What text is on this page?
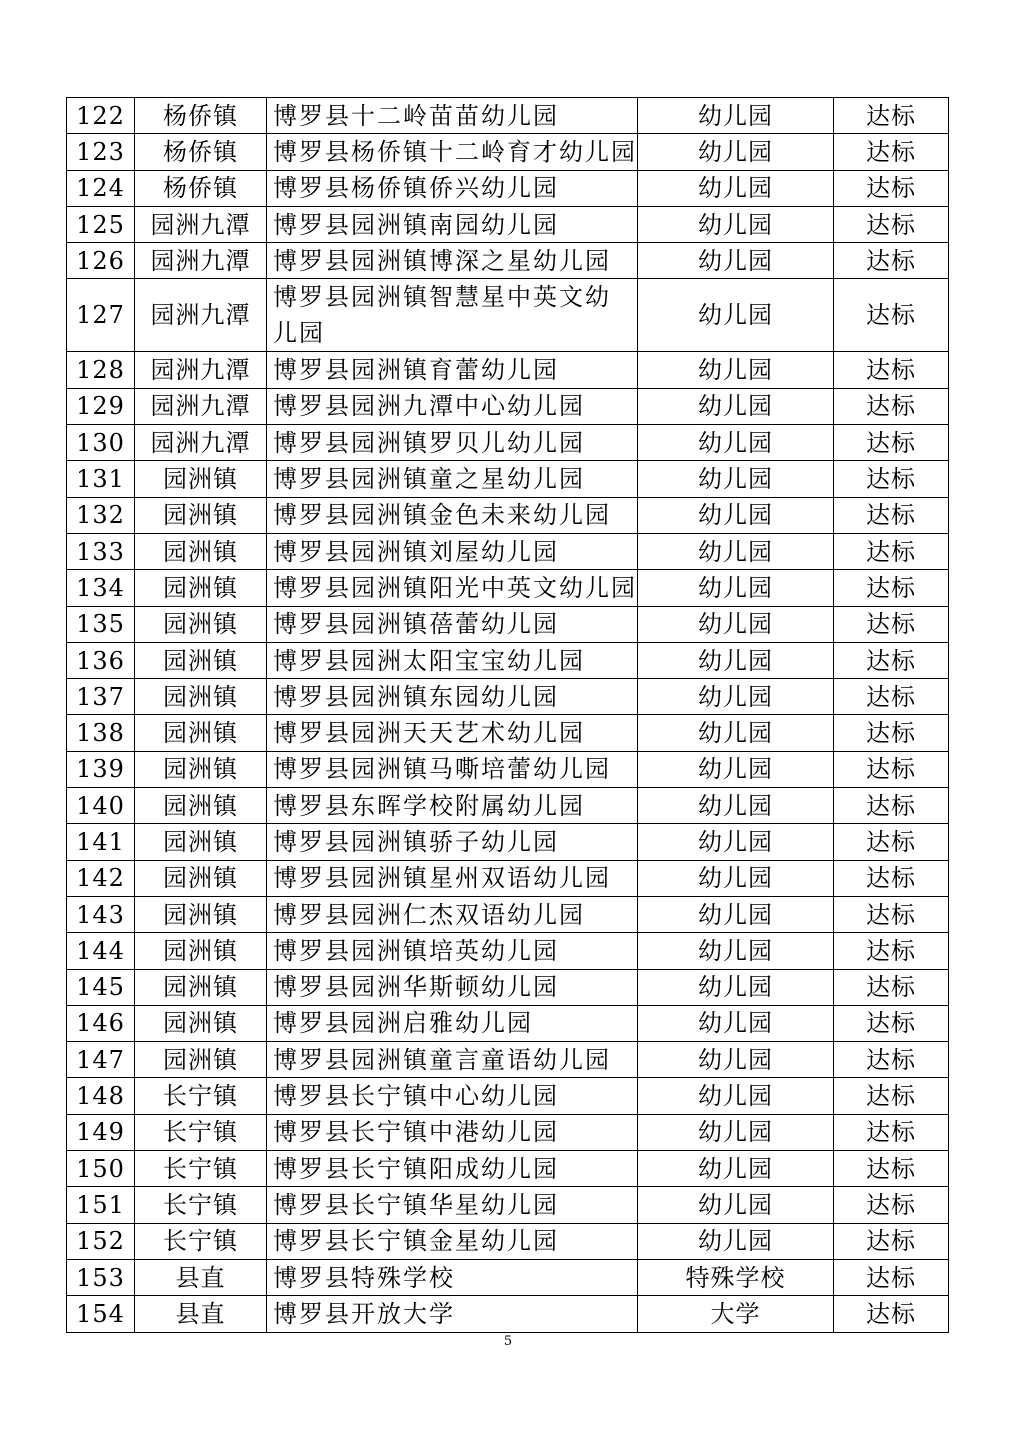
122	杨侨镇	博罗县十二岭苗苗幼儿园	幼儿园	达标
123	杨侨镇	博罗县杨侨镇十二岭育才幼儿园	幼儿园	达标
124	杨侨镇	博罗县杨侨镇侨兴幼儿园	幼儿园	达标
125	园洲九潭	博罗县园洲镇南园幼儿园	幼儿园	达标
126	园洲九潭	博罗县园洲镇博深之星幼儿园	幼儿园	达标
127	园洲九潭	博罗县园洲镇智慧星中英文幼儿园	幼儿园	达标
128	园洲九潭	博罗县园洲镇育蕾幼儿园	幼儿园	达标
129	园洲九潭	博罗县园洲九潭中心幼儿园	幼儿园	达标
130	园洲九潭	博罗县园洲镇罗贝儿幼儿园	幼儿园	达标
131	园洲镇	博罗县园洲镇童之星幼儿园	幼儿园	达标
132	园洲镇	博罗县园洲镇金色未来幼儿园	幼儿园	达标
133	园洲镇	博罗县园洲镇刘屋幼儿园	幼儿园	达标
134	园洲镇	博罗县园洲镇阳光中英文幼儿园	幼儿园	达标
135	园洲镇	博罗县园洲镇蓓蕾幼儿园	幼儿园	达标
136	园洲镇	博罗县园洲太阳宝宝幼儿园	幼儿园	达标
137	园洲镇	博罗县园洲镇东园幼儿园	幼儿园	达标
138	园洲镇	博罗县园洲天天艺术幼儿园	幼儿园	达标
139	园洲镇	博罗县园洲镇马嘶培蕾幼儿园	幼儿园	达标
140	园洲镇	博罗县东晖学校附属幼儿园	幼儿园	达标
141	园洲镇	博罗县园洲镇骄子幼儿园	幼儿园	达标
142	园洲镇	博罗县园洲镇星州双语幼儿园	幼儿园	达标
143	园洲镇	博罗县园洲仁杰双语幼儿园	幼儿园	达标
144	园洲镇	博罗县园洲镇培英幼儿园	幼儿园	达标
145	园洲镇	博罗县园洲华斯顿幼儿园	幼儿园	达标
146	园洲镇	博罗县园洲启雅幼儿园	幼儿园	达标
147	园洲镇	博罗县园洲镇童言童语幼儿园	幼儿园	达标
148	长宁镇	博罗县长宁镇中心幼儿园	幼儿园	达标
149	长宁镇	博罗县长宁镇中港幼儿园	幼儿园	达标
150	长宁镇	博罗县长宁镇阳成幼儿园	幼儿园	达标
151	长宁镇	博罗县长宁镇华星幼儿园	幼儿园	达标
152	长宁镇	博罗县长宁镇金星幼儿园	幼儿园	达标
153	县直	博罗县特殊学校	特殊学校	达标
154	县直	博罗县开放大学	大学	达标
5
